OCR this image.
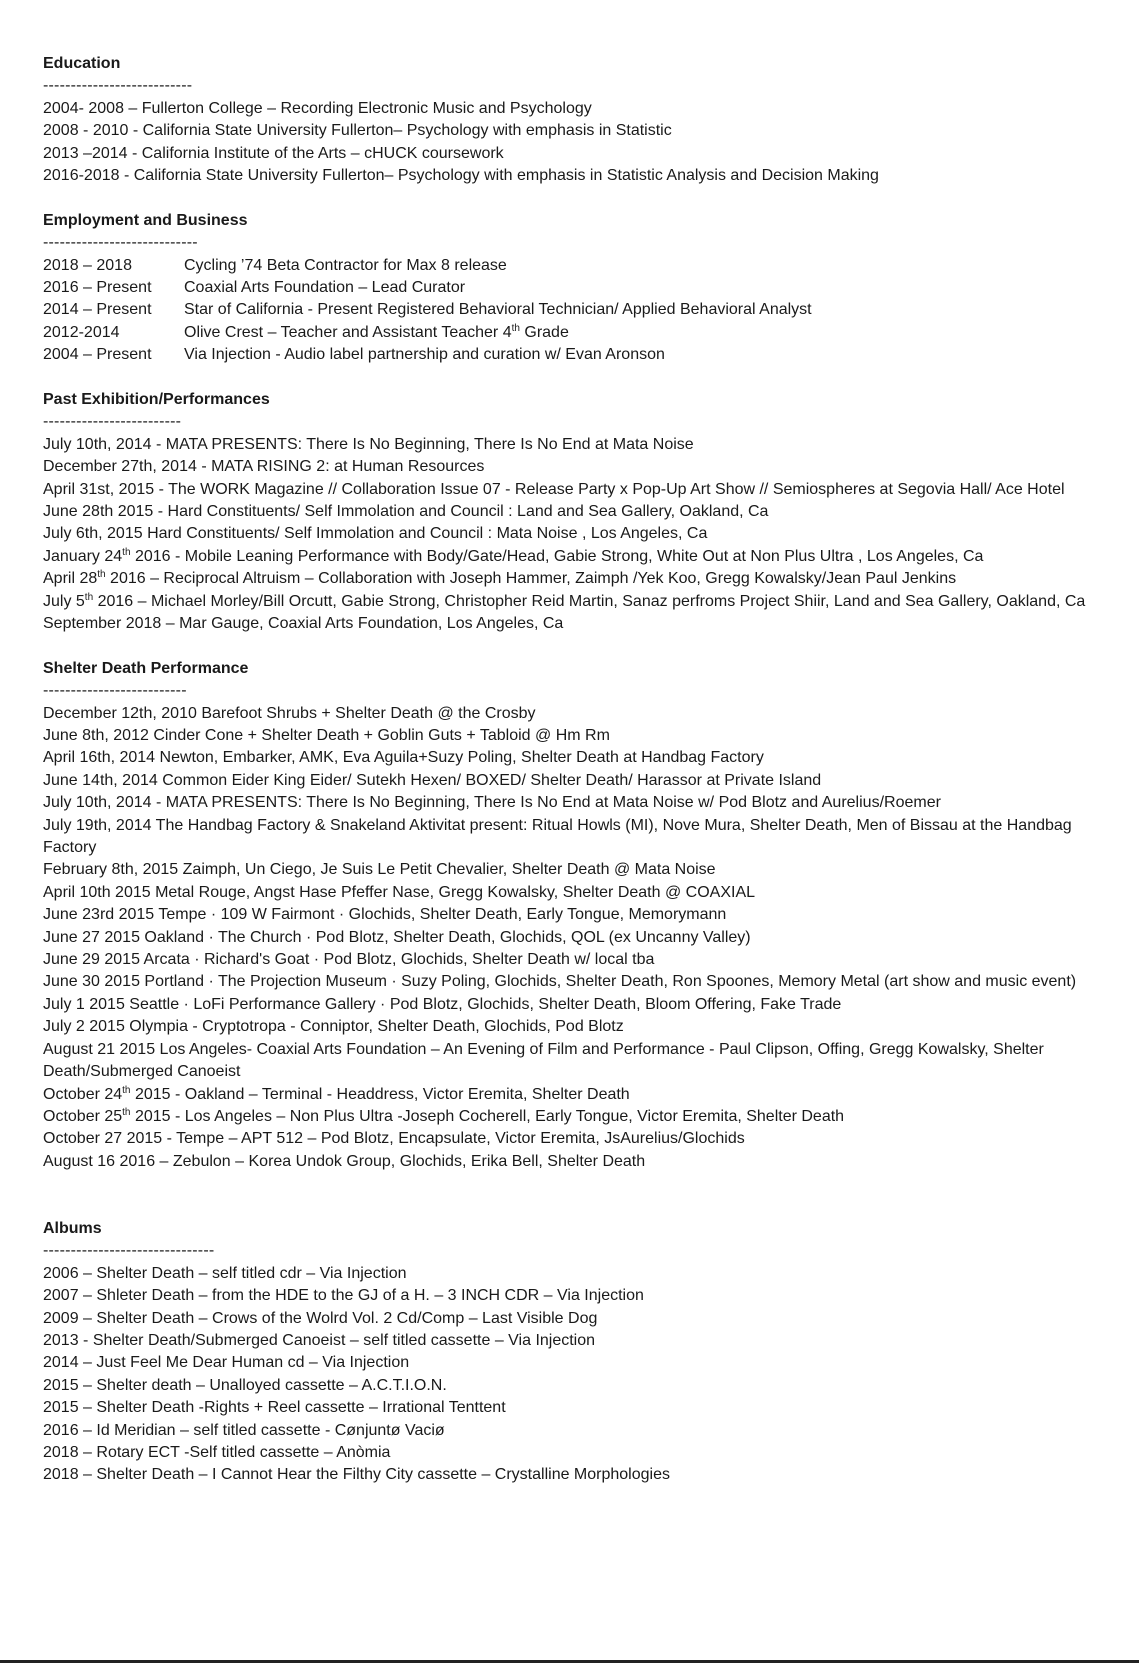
Education
---------------------------
2004- 2008 – Fullerton College – Recording Electronic Music and Psychology
2008 - 2010 - California State University Fullerton– Psychology with emphasis in Statistic
2013 –2014 - California Institute of the Arts – cHUCK coursework
2016-2018 - California State University Fullerton– Psychology with emphasis in Statistic Analysis and Decision Making
Employment and Business
----------------------------
2018 – 2018	Cycling ’74 Beta Contractor for Max 8 release
2016 – Present Coaxial Arts Foundation – Lead Curator
2014 – Present Star of California - Present Registered Behavioral Technician/ Applied Behavioral Analyst
2012-2014	Olive Crest – Teacher and Assistant Teacher 4th Grade
2004 – Present Via Injection - Audio label partnership and curation w/ Evan Aronson
Past Exhibition/Performances
-------------------------
July 10th, 2014 - MATA PRESENTS: There Is No Beginning, There Is No End at Mata Noise
December 27th, 2014 - MATA RISING 2: at Human Resources
April 31st, 2015 - The WORK Magazine // Collaboration Issue 07 - Release Party x Pop-Up Art Show // Semiospheres at Segovia Hall/ Ace Hotel
June 28th 2015 - Hard Constituents/ Self Immolation and Council : Land and Sea Gallery, Oakland, Ca
July 6th, 2015 Hard Constituents/ Self Immolation and Council : Mata Noise , Los Angeles, Ca
January 24th 2016 - Mobile Leaning Performance with Body/Gate/Head, Gabie Strong, White Out at Non Plus Ultra , Los Angeles, Ca
April 28th 2016 – Reciprocal Altruism – Collaboration with Joseph Hammer, Zaimph /Yek Koo, Gregg Kowalsky/Jean Paul Jenkins
July 5th 2016 – Michael Morley/Bill Orcutt, Gabie Strong, Christopher Reid Martin, Sanaz perfroms Project Shiir, Land and Sea Gallery, Oakland, Ca
September 2018 – Mar Gauge, Coaxial Arts Foundation, Los Angeles, Ca
Shelter Death Performance
--------------------------
December 12th, 2010 Barefoot Shrubs + Shelter Death @ the Crosby
June 8th, 2012 Cinder Cone + Shelter Death + Goblin Guts + Tabloid @ Hm Rm
April 16th, 2014 Newton, Embarker, AMK, Eva Aguila+Suzy Poling, Shelter Death at Handbag Factory
June 14th, 2014 Common Eider King Eider/ Sutekh Hexen/ BOXED/ Shelter Death/ Harassor at Private Island
July 10th, 2014 - MATA PRESENTS: There Is No Beginning, There Is No End at Mata Noise w/ Pod Blotz and Aurelius/Roemer
July 19th, 2014 The Handbag Factory & Snakeland Aktivitat present: Ritual Howls (MI), Nove Mura, Shelter Death, Men of Bissau at the Handbag Factory
February 8th, 2015 Zaimph, Un Ciego, Je Suis Le Petit Chevalier, Shelter Death @ Mata Noise
April 10th 2015 Metal Rouge, Angst Hase Pfeffer Nase, Gregg Kowalsky, Shelter Death @ COAXIAL
June 23rd 2015 Tempe · 109 W Fairmont · Glochids, Shelter Death, Early Tongue, Memorymann
June 27 2015 Oakland · The Church · Pod Blotz, Shelter Death, Glochids, QOL (ex Uncanny Valley)
June 29 2015 Arcata · Richard's Goat · Pod Blotz, Glochids, Shelter Death w/ local tba
June 30 2015 Portland · The Projection Museum · Suzy Poling, Glochids, Shelter Death, Ron Spoones, Memory Metal (art show and music event)
July 1 2015 Seattle · LoFi Performance Gallery · Pod Blotz, Glochids, Shelter Death, Bloom Offering, Fake Trade
July 2 2015 Olympia - Cryptotropa - Conniptor, Shelter Death, Glochids, Pod Blotz
August 21 2015 Los Angeles- Coaxial Arts Foundation – An Evening of Film and Performance - Paul Clipson, Offing, Gregg Kowalsky, Shelter Death/Submerged Canoeist
October 24th 2015 - Oakland – Terminal - Headdress, Victor Eremita, Shelter Death
October 25th 2015 - Los Angeles – Non Plus Ultra -Joseph Cocherell, Early Tongue, Victor Eremita, Shelter Death
October 27 2015 - Tempe – APT 512 – Pod Blotz, Encapsulate, Victor Eremita, JsAurelius/Glochids
August 16 2016 – Zebulon – Korea Undok Group, Glochids, Erika Bell, Shelter Death
Albums
-------------------------------
2006 – Shelter Death – self titled cdr – Via Injection
2007 – Shleter Death – from the HDE to the GJ of a H. – 3 INCH CDR – Via Injection
2009 – Shelter Death – Crows of the Wolrd Vol. 2 Cd/Comp – Last Visible Dog
2013 - Shelter Death/Submerged Canoeist – self titled cassette – Via Injection
2014 – Just Feel Me Dear Human cd – Via Injection
2015 – Shelter death – Unalloyed cassette – A.C.T.I.O.N.
2015 – Shelter Death -Rights + Reel cassette – Irrational Tenttent
2016 – Id Meridian – self titled cassette - Cønjuntø Vaciø
2018 – Rotary ECT -Self titled cassette – Anòmia
2018 – Shelter Death – I Cannot Hear the Filthy City cassette – Crystalline Morphologies
